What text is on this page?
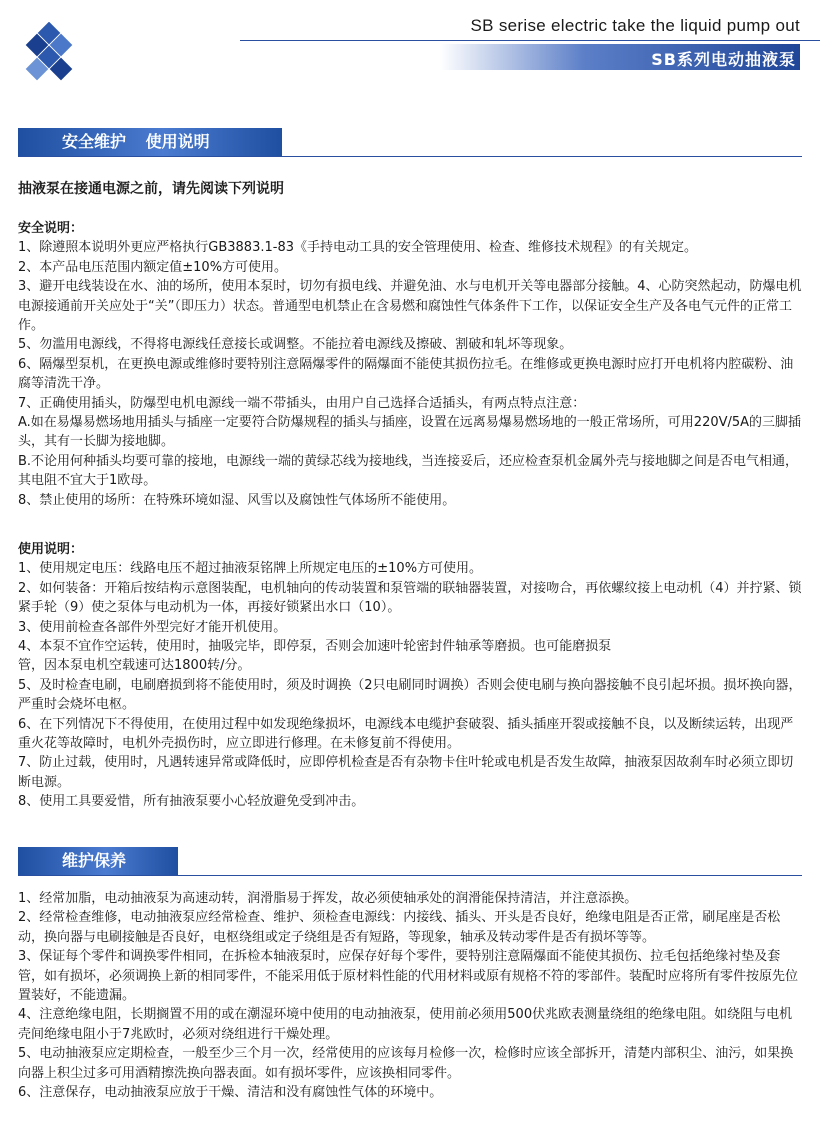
SB serise electric take the liquid pump out
SB系列电动抽液泵
安全维护 使用说明
抽液泵在接通电源之前，请先阅读下列说明

安全说明：

1、除遵照本说明外更应严格执行GB3883.1-83《手持电动工具的安全管理使用、检查、维修技术规程》的有关规定。

2、本产品电压范围内额定值±10%方可使用。

3、避开电线装设在水、油的场所，使用本泵时，切勿有损电线、并避免油、水与电机开关等电器部分接触。4、心防突然起动，防爆电机电源接通前开关应处于“关”（即压力）状态。普通型电机禁止在含易燃和腐蚀性气体条件下工作，以保证安全生产及各电气元件的正常工作。

5、勿滥用电源线，不得将电源线任意接长或调整。不能拉着电源线及擦破、割破和轧坏等现象。

6、隔爆型泵机，在更换电源或维修时要特别注意隔爆零件的隔爆面不能使其损伤拉毛。在维修或更换电源时应打开电机将内腔碳粉、油腐等清洗干净。

7、正确使用插头，防爆型电机电源线一端不带插头，由用户自己选择合适插头，有两点特点注意：

A.如在易爆易燃场地用插头与插座一定要符合防爆规程的插头与插座，设置在远离易爆易燃场地的一般正常场所，可用220V/5A的三脚插头，其有一长脚为接地脚。

B.不论用何种插头均要可靠的接地，电源线一端的黄绿芯线为接地线，当连接妥后，还应检查泵机金属外壳与接地脚之间是否电气相通，其电阻不宜大于1欧母。

8、禁止使用的场所：在特殊环境如湿、风雪以及腐蚀性气体场所不能使用。

使用说明：

1、使用规定电压：线路电压不超过抽液泵铭牌上所规定电压的±10%方可使用。

2、如何装备：开箱后按结构示意图装配，电机轴向的传动装置和泵管端的联轴器装置，对接吻合，再依螺纹接上电动机（4）并拧紧、锁紧手轮（9）使之泵体与电动机为一体，再接好锁紧出水口（10）。

3、使用前检查各部件外型完好才能开机使用。

4、本泵不宜作空运转，使用时，抽吸完毕，即停泵，否则会加速叶轮密封件轴承等磨损。也可能磨损泵

管，因本泵电机空载速可达1800转/分。

5、及时检查电刷，电刷磨损到将不能使用时，须及时调换（2只电刷同时调换）否则会使电刷与换向器接触不良引起坏损。损坏换向器，严重时会烧坏电枢。

6、在下列情况下不得使用，在使用过程中如发现绝缘损坏，电源线本电缆护套破裂、插头插座开裂或接触不良，以及断续运转，出现严重火花等故障时，电机外壳损伤时，应立即进行修理。在未修复前不得使用。

7、防止过载，使用时，凡遇转速异常或降低时，应即停机检查是否有杂物卡住叶轮或电机是否发生故障，抽液泵因故刹车时必须立即切断电源。

8、使用工具要爱惜，所有抽液泵要小心轻放避免受到冲击。

维护保养

1、经常加脂，电动抽液泵为高速动转，润滑脂易于挥发，故必须使轴承处的润滑能保持清洁，并注意添换。

2、经常检查维修，电动抽液泵应经常检查、维护、须检查电源线：内接线、插头、开头是否良好，绝缘电阻是否正常，刷尾座是否松动，换向器与电刷接触是否良好，电枢绕组或定子绕组是否有短路，等现象，轴承及转动零件是否有损坏等等。

3、保证每个零件和调换零件相同，在拆检本轴液泵时，应保存好每个零件，要特别注意隔爆面不能使其损伤、拉毛包括绝缘衬垫及套管，如有损坏，必须调换上新的相同零件，不能采用低于原材料性能的代用材料或原有规格不符的零部件。装配时应将所有零件按原先位置装好，不能遗漏。

4、注意绝缘电阻，长期搁置不用的或在潮湿环境中使用的电动抽液泵，使用前必须用500伏兆欧表测量绕组的绝缘电阻。如绕阻与电机壳间绝缘电阻小于7兆欧时，必须对绕组进行干燥处理。

5、电动抽液泵应定期检查，一般至少三个月一次，经常使用的应该每月检修一次，检修时应该全部拆开，清楚内部积尘、油污，如果换向器上积尘过多可用酒精擦洗换向器表面。如有损坏零件，应该换相同零件。

6、注意保存，电动抽液泵应放于干燥、清洁和没有腐蚀性气体的环境中。
